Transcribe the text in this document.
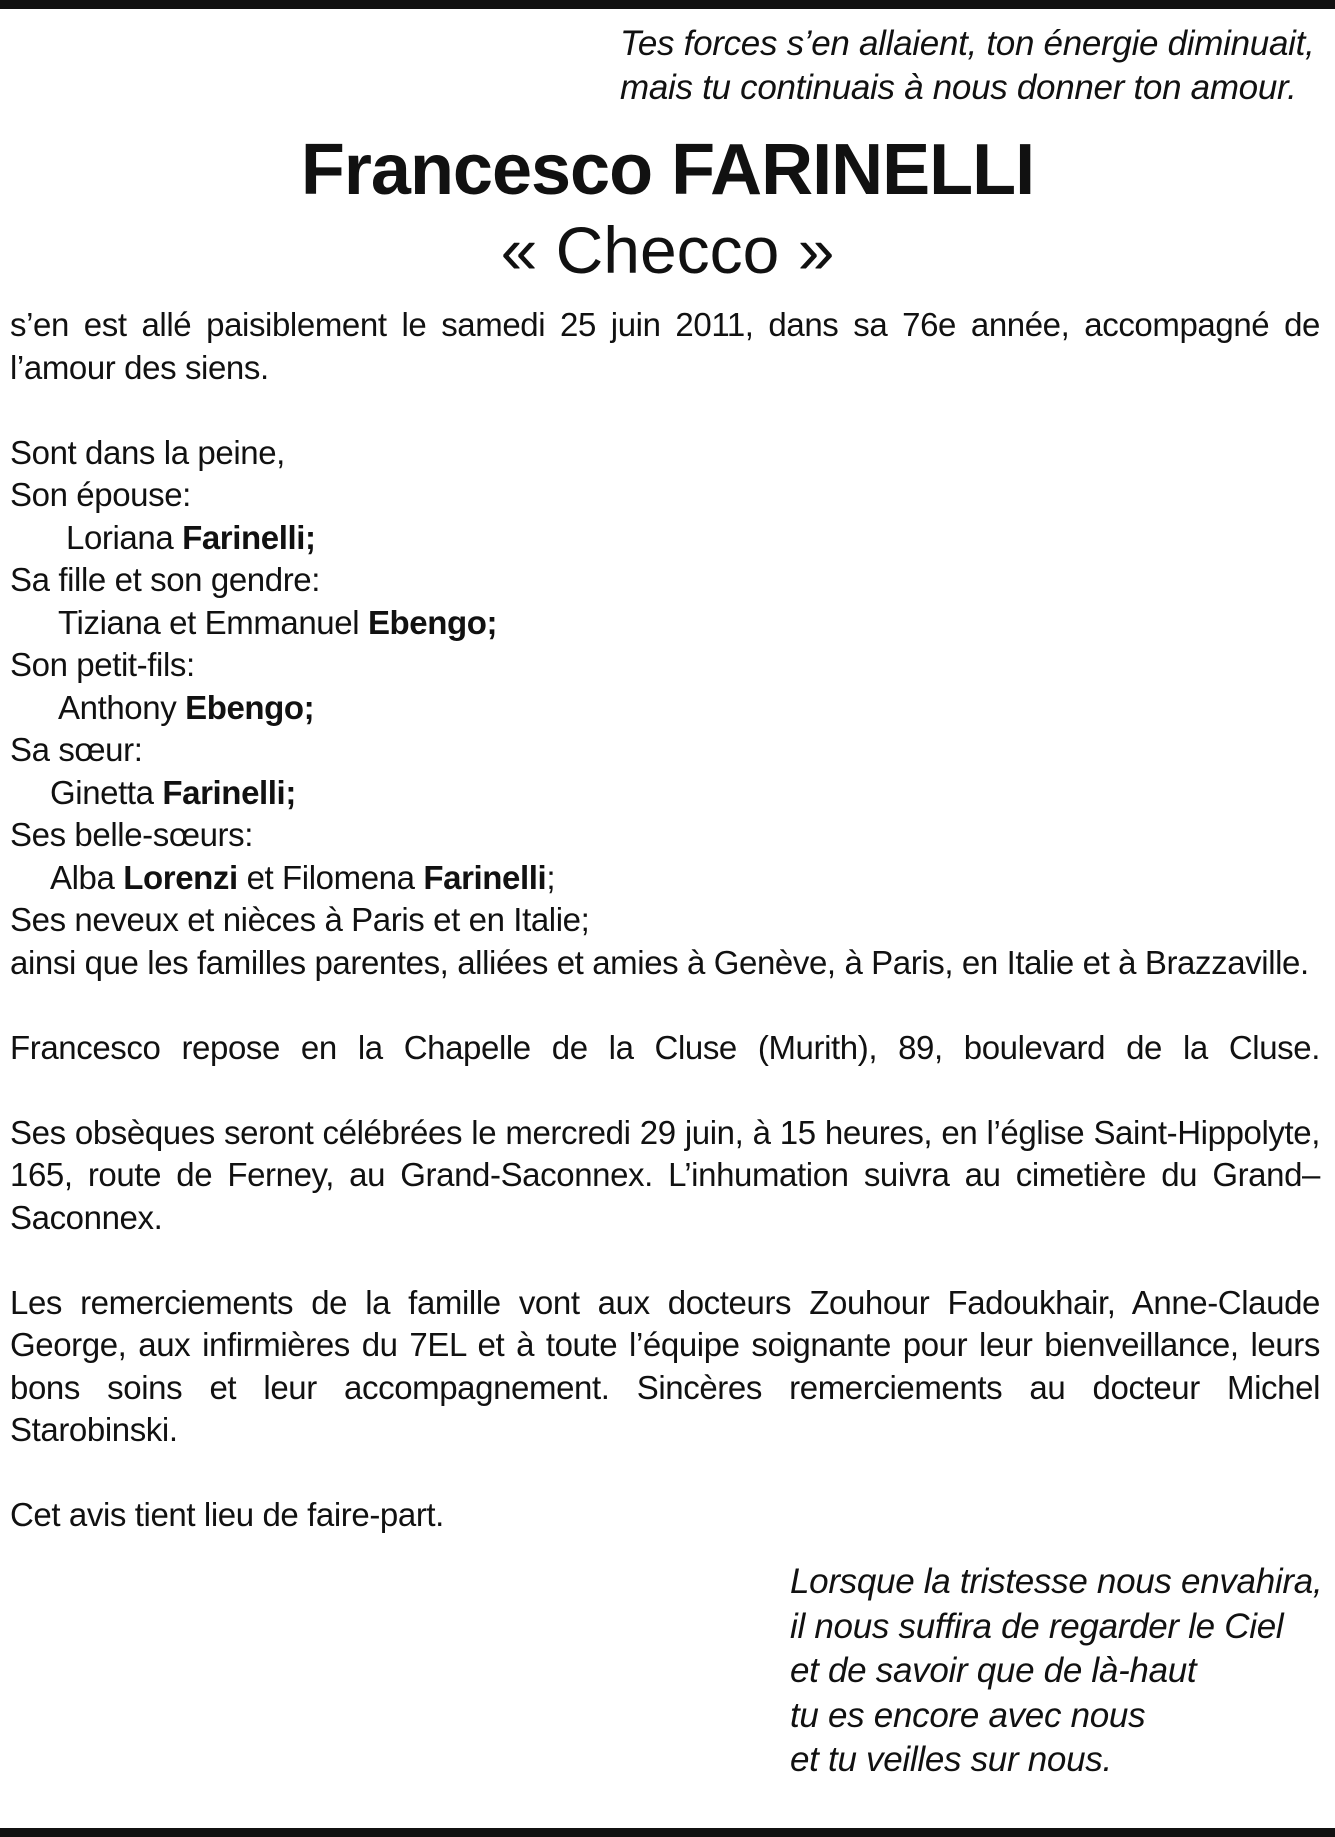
Tes forces s’en allaient, ton énergie diminuait,
mais tu continuais à nous donner ton amour.
Francesco FARINELLI
« Checco »

s’en est allé paisiblement le samedi 25 juin 2011, dans sa 76e année, accompagné de l’amour des siens.

Sont dans la peine,
Son épouse:
Loriana Farinelli;
Sa fille et son gendre:
Tiziana et Emmanuel Ebengo;
Son petit-fils:
Anthony Ebengo;
Sa sœur:
Ginetta Farinelli;
Ses belle-sœurs:
Alba Lorenzi et Filomena Farinelli;
Ses neveux et nièces à Paris et en Italie;

ainsi que les familles parentes, alliées et amies à Genève, à Paris, en Italie et à Brazzaville.

Francesco repose en la Chapelle de la Cluse (Murith), 89, boulevard de la Cluse.

Ses obsèques seront célébrées le mercredi 29 juin, à 15 heures, en l’église Saint-Hippolyte, 165, route de Ferney, au Grand-Saconnex. L’inhumation suivra au cimetière du Grand–Saconnex.

Les remerciements de la famille vont aux docteurs Zouhour Fadoukhair, Anne-Claude George, aux infirmières du 7EL et à toute l’équipe soignante pour leur bienveillance, leurs bons soins et leur accompagnement. Sincères remerciements au docteur Michel Starobinski.

Cet avis tient lieu de faire-part.

Lorsque la tristesse nous envahira,
il nous suffira de regarder le Ciel
et de savoir que de là-haut
tu es encore avec nous
et tu veilles sur nous.
